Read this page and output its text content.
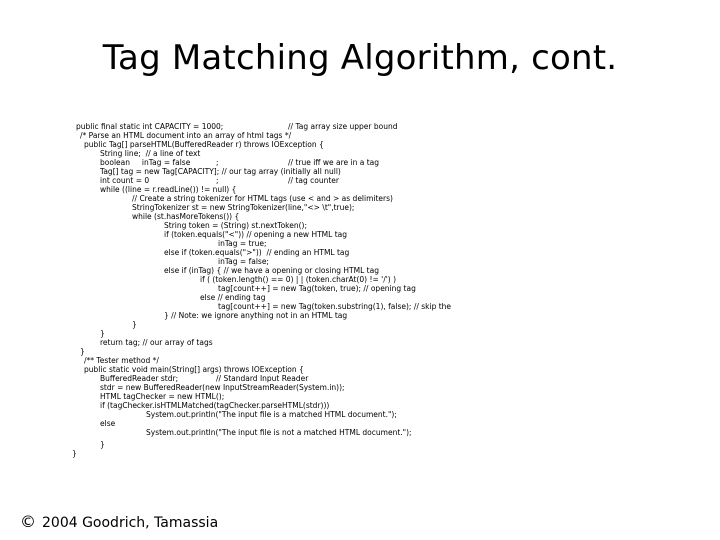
Tag Matching Algorithm, cont.
public final static int CAPACITY = 1000;	// Tag array size upper bound
/* Parse an HTML document into an array of html tags */
public Tag[] parseHTML(BufferedReader r) throws IOException {
String line;  // a line of text
boolean     inTag = false	;	// true iff we are in a tag
Tag[] tag = new Tag[CAPACITY]; // our tag array (initially all null)
int count = 0	;	// tag counter
while ((line = r.readLine()) != null) {
// Create a string tokenizer for HTML tags (use < and > as delimiters)
StringTokenizer st = new StringTokenizer(line,"<> \t",true);
while (st.hasMoreTokens()) {
String token = (String) st.nextToken();
if (token.equals("<")) // opening a new HTML tag
inTag = true;
else if (token.equals(">"))  // ending an HTML tag
inTag = false;
else if (inTag) { // we have a opening or closing HTML tag
if ( (token.length() == 0) | | (token.charAt(0) != '/') )
tag[count++] = new Tag(token, true); // opening tag
else // ending tag
tag[count++] = new Tag(token.substring(1), false); // skip the
} // Note: we ignore anything not in an HTML tag
}
}
return tag; // our array of tags
}
/** Tester method */
public static void main(String[] args) throws IOException {
BufferedReader stdr;	// Standard Input Reader
stdr = new BufferedReader(new InputStreamReader(System.in));
HTML tagChecker = new HTML();
if (tagChecker.isHTMLMatched(tagChecker.parseHTML(stdr)))
System.out.println("The input file is a matched HTML document.");
else
System.out.println("The input file is not a matched HTML document.");
}
}
© 2004 Goodrich, Tamassia
